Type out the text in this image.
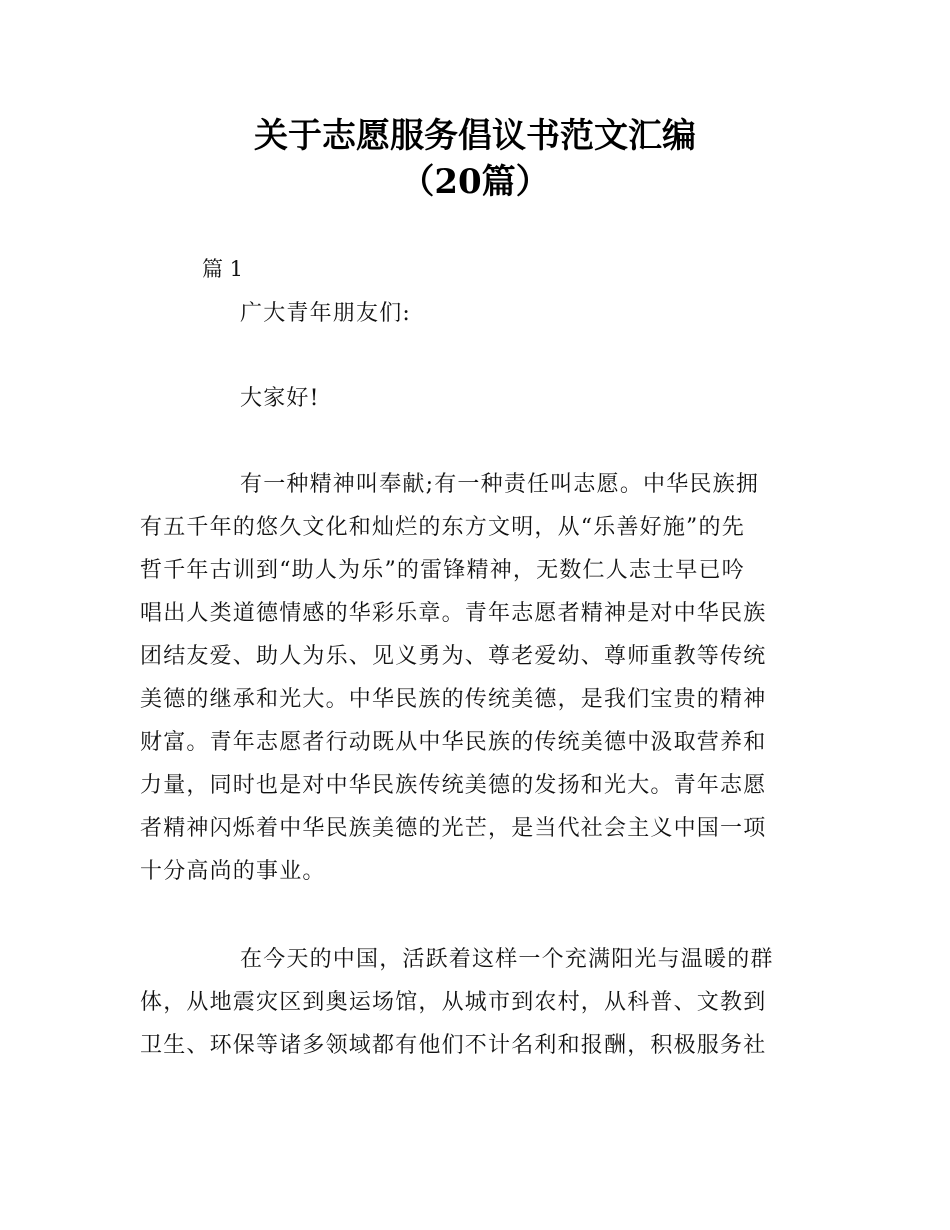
关于志愿服务倡议书范文汇编
（20篇）
篇 1
广大青年朋友们:
大家好!
有一种精神叫奉献;有一种责任叫志愿。中华民族拥
有五千年的悠久文化和灿烂的东方文明，从“乐善好施”的先
哲千年古训到“助人为乐”的雷锋精神，无数仁人志士早已吟
唱出人类道德情感的华彩乐章。青年志愿者精神是对中华民族
团结友爱、助人为乐、见义勇为、尊老爱幼、尊师重教等传统
美德的继承和光大。中华民族的传统美德，是我们宝贵的精神
财富。青年志愿者行动既从中华民族的传统美德中汲取营养和
力量，同时也是对中华民族传统美德的发扬和光大。青年志愿
者精神闪烁着中华民族美德的光芒，是当代社会主义中国一项
十分高尚的事业。
在今天的中国，活跃着这样一个充满阳光与温暖的群
体，从地震灾区到奥运场馆，从城市到农村，从科普、文教到
卫生、环保等诸多领域都有他们不计名利和报酬，积极服务社
